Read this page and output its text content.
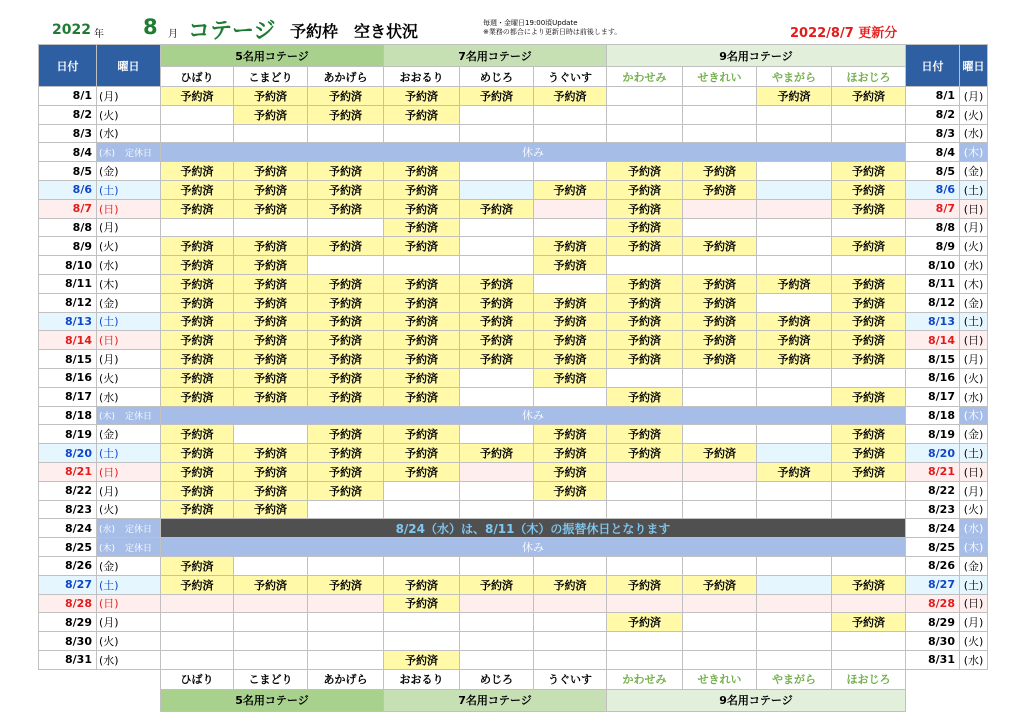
2022 年 8 月 コテージ 予約枠　空き状況	毎週・金曜日19:00頃Update
※業務の都合により更新日時は前後します。	2022/8/7 更新分
日付	曜日	5名用コテージ			7名用コテージ			9名用コテージ				日付	曜日
		ひばり	こまどり	あかげら	おおるり	めじろ	うぐいす	かわせみ	せきれい	やまがら	ほおじろ		
8/1	(月)	予約済	予約済	予約済	予約済	予約済	予約済			予約済	予約済	8/1	(月)
8/2	(火)		予約済	予約済	予約済							8/2	(火)
8/3	(水)											8/3	(水)
8/4	(木) 定休日	休み										8/4	(木)
8/5	(金)	予約済	予約済	予約済	予約済			予約済	予約済		予約済	8/5	(金)
8/6	(土)	予約済	予約済	予約済	予約済		予約済	予約済	予約済		予約済	8/6	(土)
8/7	(日)	予約済	予約済	予約済	予約済	予約済		予約済			予約済	8/7	(日)
8/8	(月)				予約済			予約済				8/8	(月)
8/9	(火)	予約済	予約済	予約済	予約済		予約済	予約済	予約済		予約済	8/9	(火)
8/10	(水)	予約済	予約済				予約済					8/10	(水)
8/11	(木)	予約済	予約済	予約済	予約済	予約済		予約済	予約済	予約済	予約済	8/11	(木)
8/12	(金)	予約済	予約済	予約済	予約済	予約済	予約済	予約済	予約済		予約済	8/12	(金)
8/13	(土)	予約済	予約済	予約済	予約済	予約済	予約済	予約済	予約済	予約済	予約済	8/13	(土)
8/14	(日)	予約済	予約済	予約済	予約済	予約済	予約済	予約済	予約済	予約済	予約済	8/14	(日)
8/15	(月)	予約済	予約済	予約済	予約済	予約済	予約済	予約済	予約済	予約済	予約済	8/15	(月)
8/16	(火)	予約済	予約済	予約済	予約済		予約済					8/16	(火)
8/17	(水)	予約済	予約済	予約済	予約済			予約済			予約済	8/17	(水)
8/18	(木) 定休日	休み										8/18	(木)
8/19	(金)	予約済		予約済	予約済		予約済	予約済			予約済	8/19	(金)
8/20	(土)	予約済	予約済	予約済	予約済	予約済	予約済	予約済	予約済		予約済	8/20	(土)
8/21	(日)	予約済	予約済	予約済	予約済		予約済			予約済	予約済	8/21	(日)
8/22	(月)	予約済	予約済	予約済			予約済					8/22	(月)
8/23	(火)	予約済	予約済									8/23	(火)
8/24	(水) 定休日	8/24（水）は、8/11（木）の振替休日となります										8/24	(水)
8/25	(木) 定休日	休み										8/25	(木)
8/26	(金)	予約済										8/26	(金)
8/27	(土)	予約済	予約済	予約済	予約済	予約済	予約済	予約済	予約済		予約済	8/27	(土)
8/28	(日)				予約済							8/28	(日)
8/29	(月)							予約済			予約済	8/29	(月)
8/30	(火)											8/30	(火)
8/31	(水)				予約済							8/31	(水)
		ひばり	こまどり	あかげら	おおるり	めじろ	うぐいす	かわせみ	せきれい	やまがら	ほおじろ		
		5名用コテージ			7名用コテージ			9名用コテージ					
